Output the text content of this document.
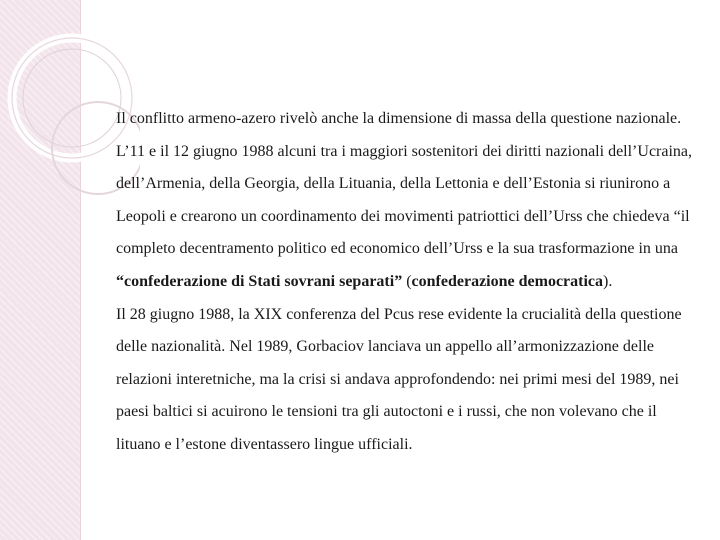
Il conflitto armeno-azero rivelò anche la dimensione di massa della questione nazionale. L’11 e il 12 giugno 1988 alcuni tra i maggiori sostenitori dei diritti nazionali dell’Ucraina, dell’Armenia, della Georgia, della Lituania, della Lettonia e dell’Estonia si riunirono a Leopoli e crearono un coordinamento dei movimenti patriottici dell’Urss che chiedeva “il completo decentramento politico ed economico dell’Urss e la sua trasformazione in una “confederazione di Stati sovrani separati” (confederazione democratica).

Il 28 giugno 1988, la XIX conferenza del Pcus rese evidente la crucialità della questione delle nazionalità. Nel 1989, Gorbaciov lanciava un appello all’armonizzazione delle relazioni interetniche, ma la crisi si andava approfondendo: nei primi mesi del 1989, nei paesi baltici si acuirono le tensioni tra gli autoctoni e i russi, che non volevano che il lituano e l’estone diventassero lingue ufficiali.
